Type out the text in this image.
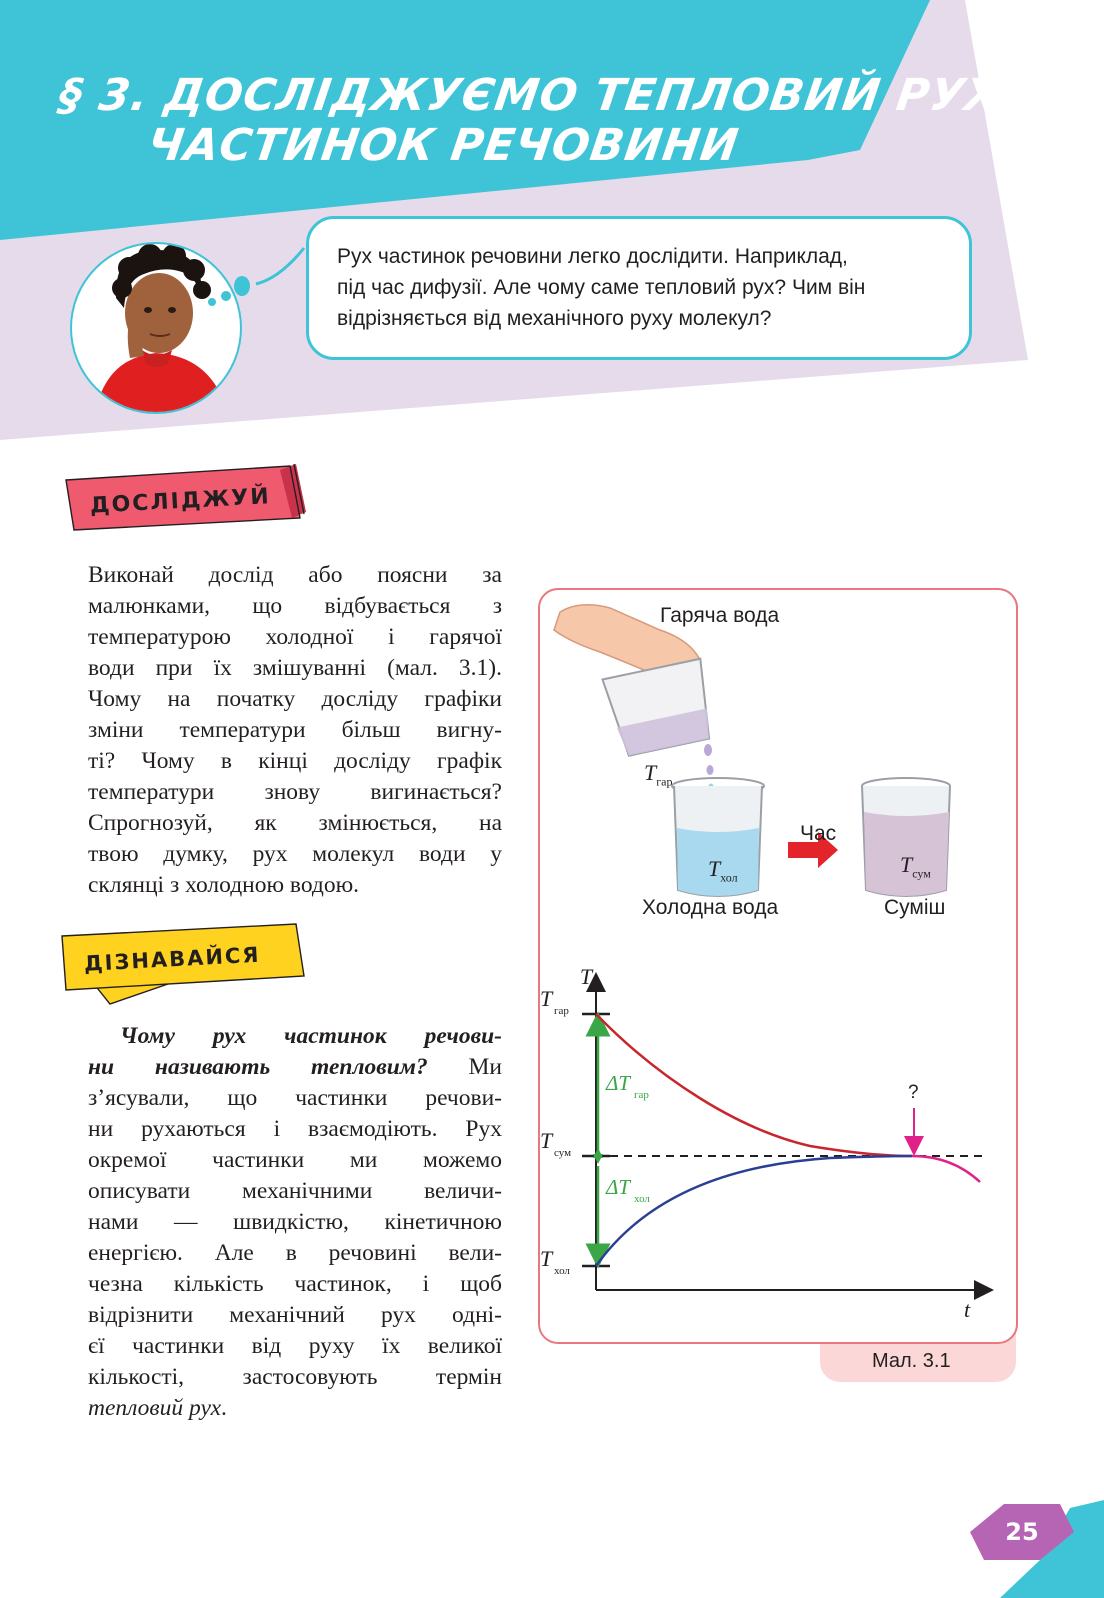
§ 3. ДОСЛІДЖУЄМО ТЕПЛОВИЙ РУХ
ЧАСТИНОК РЕЧОВИНИ
Рух частинок речовини легко дослідити. Наприклад,
під час дифузії. Але чому саме тепловий рух? Чим він
відрізняється від механічного руху молекул?
ДОСЛІДЖУЙ
Виконай дослід або поясни за
малюнками, що відбувається з
температурою холодної і гарячої
води при їх змішуванні (мал. 3.1).
Чому на початку досліду графіки
зміни температури більш вигну-
ті? Чому в кінці досліду графік
температури знову вигинається?
Спрогнозуй, як змінюється, на
твою думку, рух молекул води у
склянці з холодною водою.
ДІЗНАВАЙСЯ
Чому рух частинок речови-
ни називають тепловим? Ми
з’ясували, що частинки речови-
ни рухаються і взаємодіють. Рух
окремої частинки ми можемо
описувати механічними величи-
нами — швидкістю, кінетичною
енергією. Але в речовині вели-
чезна кількість частинок, і щоб
відрізнити механічний рух однi-
єї частинки від руху їх великої
кількості, застосовують термін
тепловий рух.
Мал. 3.1
Гаряча вода
Холодна вода	Суміш
Час
$T_{гар}$
$T_{хол}$
$T_{сум}$
T
t
T гар
T сум
T хол
ΔT гар
ΔT хол
?
25
